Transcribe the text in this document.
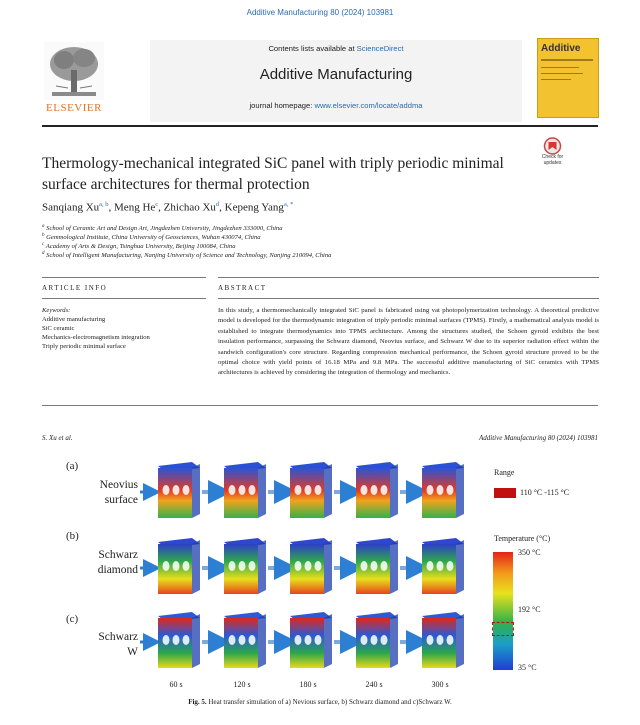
Additive Manufacturing 80 (2024) 103981
Contents lists available at ScienceDirect
Additive Manufacturing
journal homepage: www.elsevier.com/locate/addma
ELSEVIER
Additive
Check for updates
Thermology-mechanical integrated SiC panel with triply periodic minimal
surface architectures for thermal protection
Sanqiang Xu$^{a, b}$, Meng He$^c$, Zhichao Xu$^d$, Kepeng Yang$^{a, *}$
$^a$ School of Ceramic Art and Design Art, Jingdezhen University, Jingdezhen 333000, China
$^b$ Gemmological Institute, China University of Geosciences, Wuhan 430074, China
$^c$ Academy of Arts & Design, Tsinghua University, Beijing 100084, China
$^d$ School of Intelligent Manufacturing, Nanjing University of Science and Technology, Nanjing 210094, China
ARTICLE INFO	ABSTRACT
Keywords:
Additive manufacturing
SiC ceramic
Mechanics-electromagnetism integration
Triply periodic minimal surface
In this study, a thermomechanically integrated SiC panel is fabricated using vat photopolymerization technology. A theoretical predictive model is developed for the thermodynamic integration of triply periodic minimal surfaces (TPMS). Firstly, a mathematical analysis model is established to integrate thermodynamics into TPMS architecture. Among the structures studied, the Schoen gyroid exhibits the best insulation performance, surpassing the Schwarz diamond, Neovius surface, and Schwarz W due to its superior radiation effect within the sandwich configuration's core structure. Regarding compression mechanical performance, the Schoen gyroid structure proved to be the optimal choice with yield points of 16.18 MPa and 9.8 MPa. The successful additive manufacturing of SiC ceramics with TPMS architectures is achieved by considering the integration of thermology and mechanics.
S. Xu et al.	Additive Manufacturing 80 (2024) 103981
(a)
Neovius
surface
(b)
Schwarz
diamond
(c)
Schwarz
W
60 s	120 s	180 s	240 s	300 s
Range
110 °C -115 °C
Temperature (°C)
350 °C
192 °C
35 °C
Fig. 5. Heat transfer simulation of a) Nevious surface, b) Schwarz diamond and c)Schwarz W.
